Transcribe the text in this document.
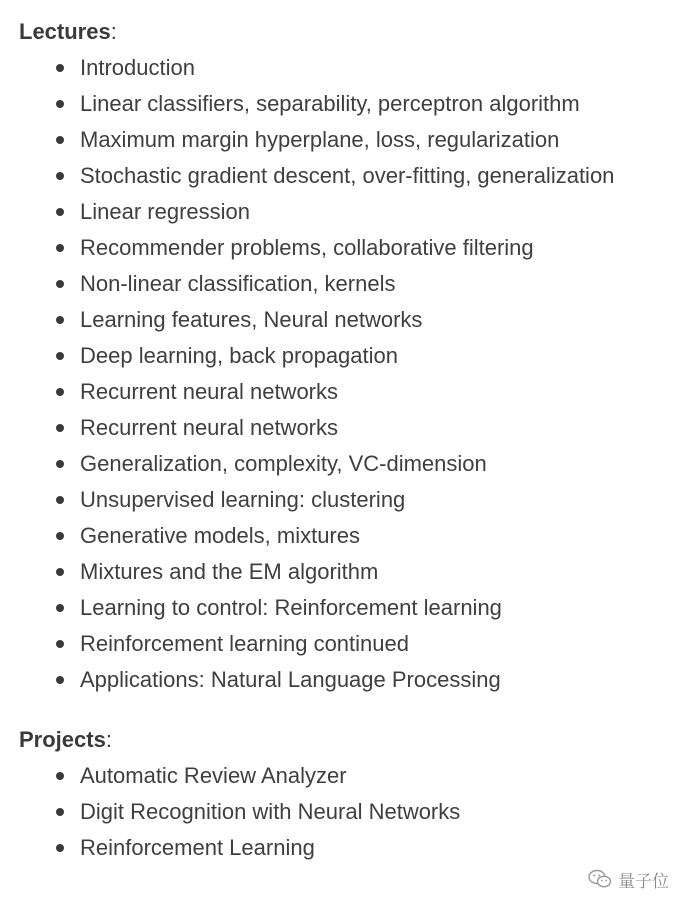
Lectures:
Introduction
Linear classifiers, separability, perceptron algorithm
Maximum margin hyperplane, loss, regularization
Stochastic gradient descent, over-fitting, generalization
Linear regression
Recommender problems, collaborative filtering
Non-linear classification, kernels
Learning features, Neural networks
Deep learning, back propagation
Recurrent neural networks
Recurrent neural networks
Generalization, complexity, VC-dimension
Unsupervised learning: clustering
Generative models, mixtures
Mixtures and the EM algorithm
Learning to control: Reinforcement learning
Reinforcement learning continued
Applications: Natural Language Processing
Projects:
Automatic Review Analyzer
Digit Recognition with Neural Networks
Reinforcement Learning
量子位
